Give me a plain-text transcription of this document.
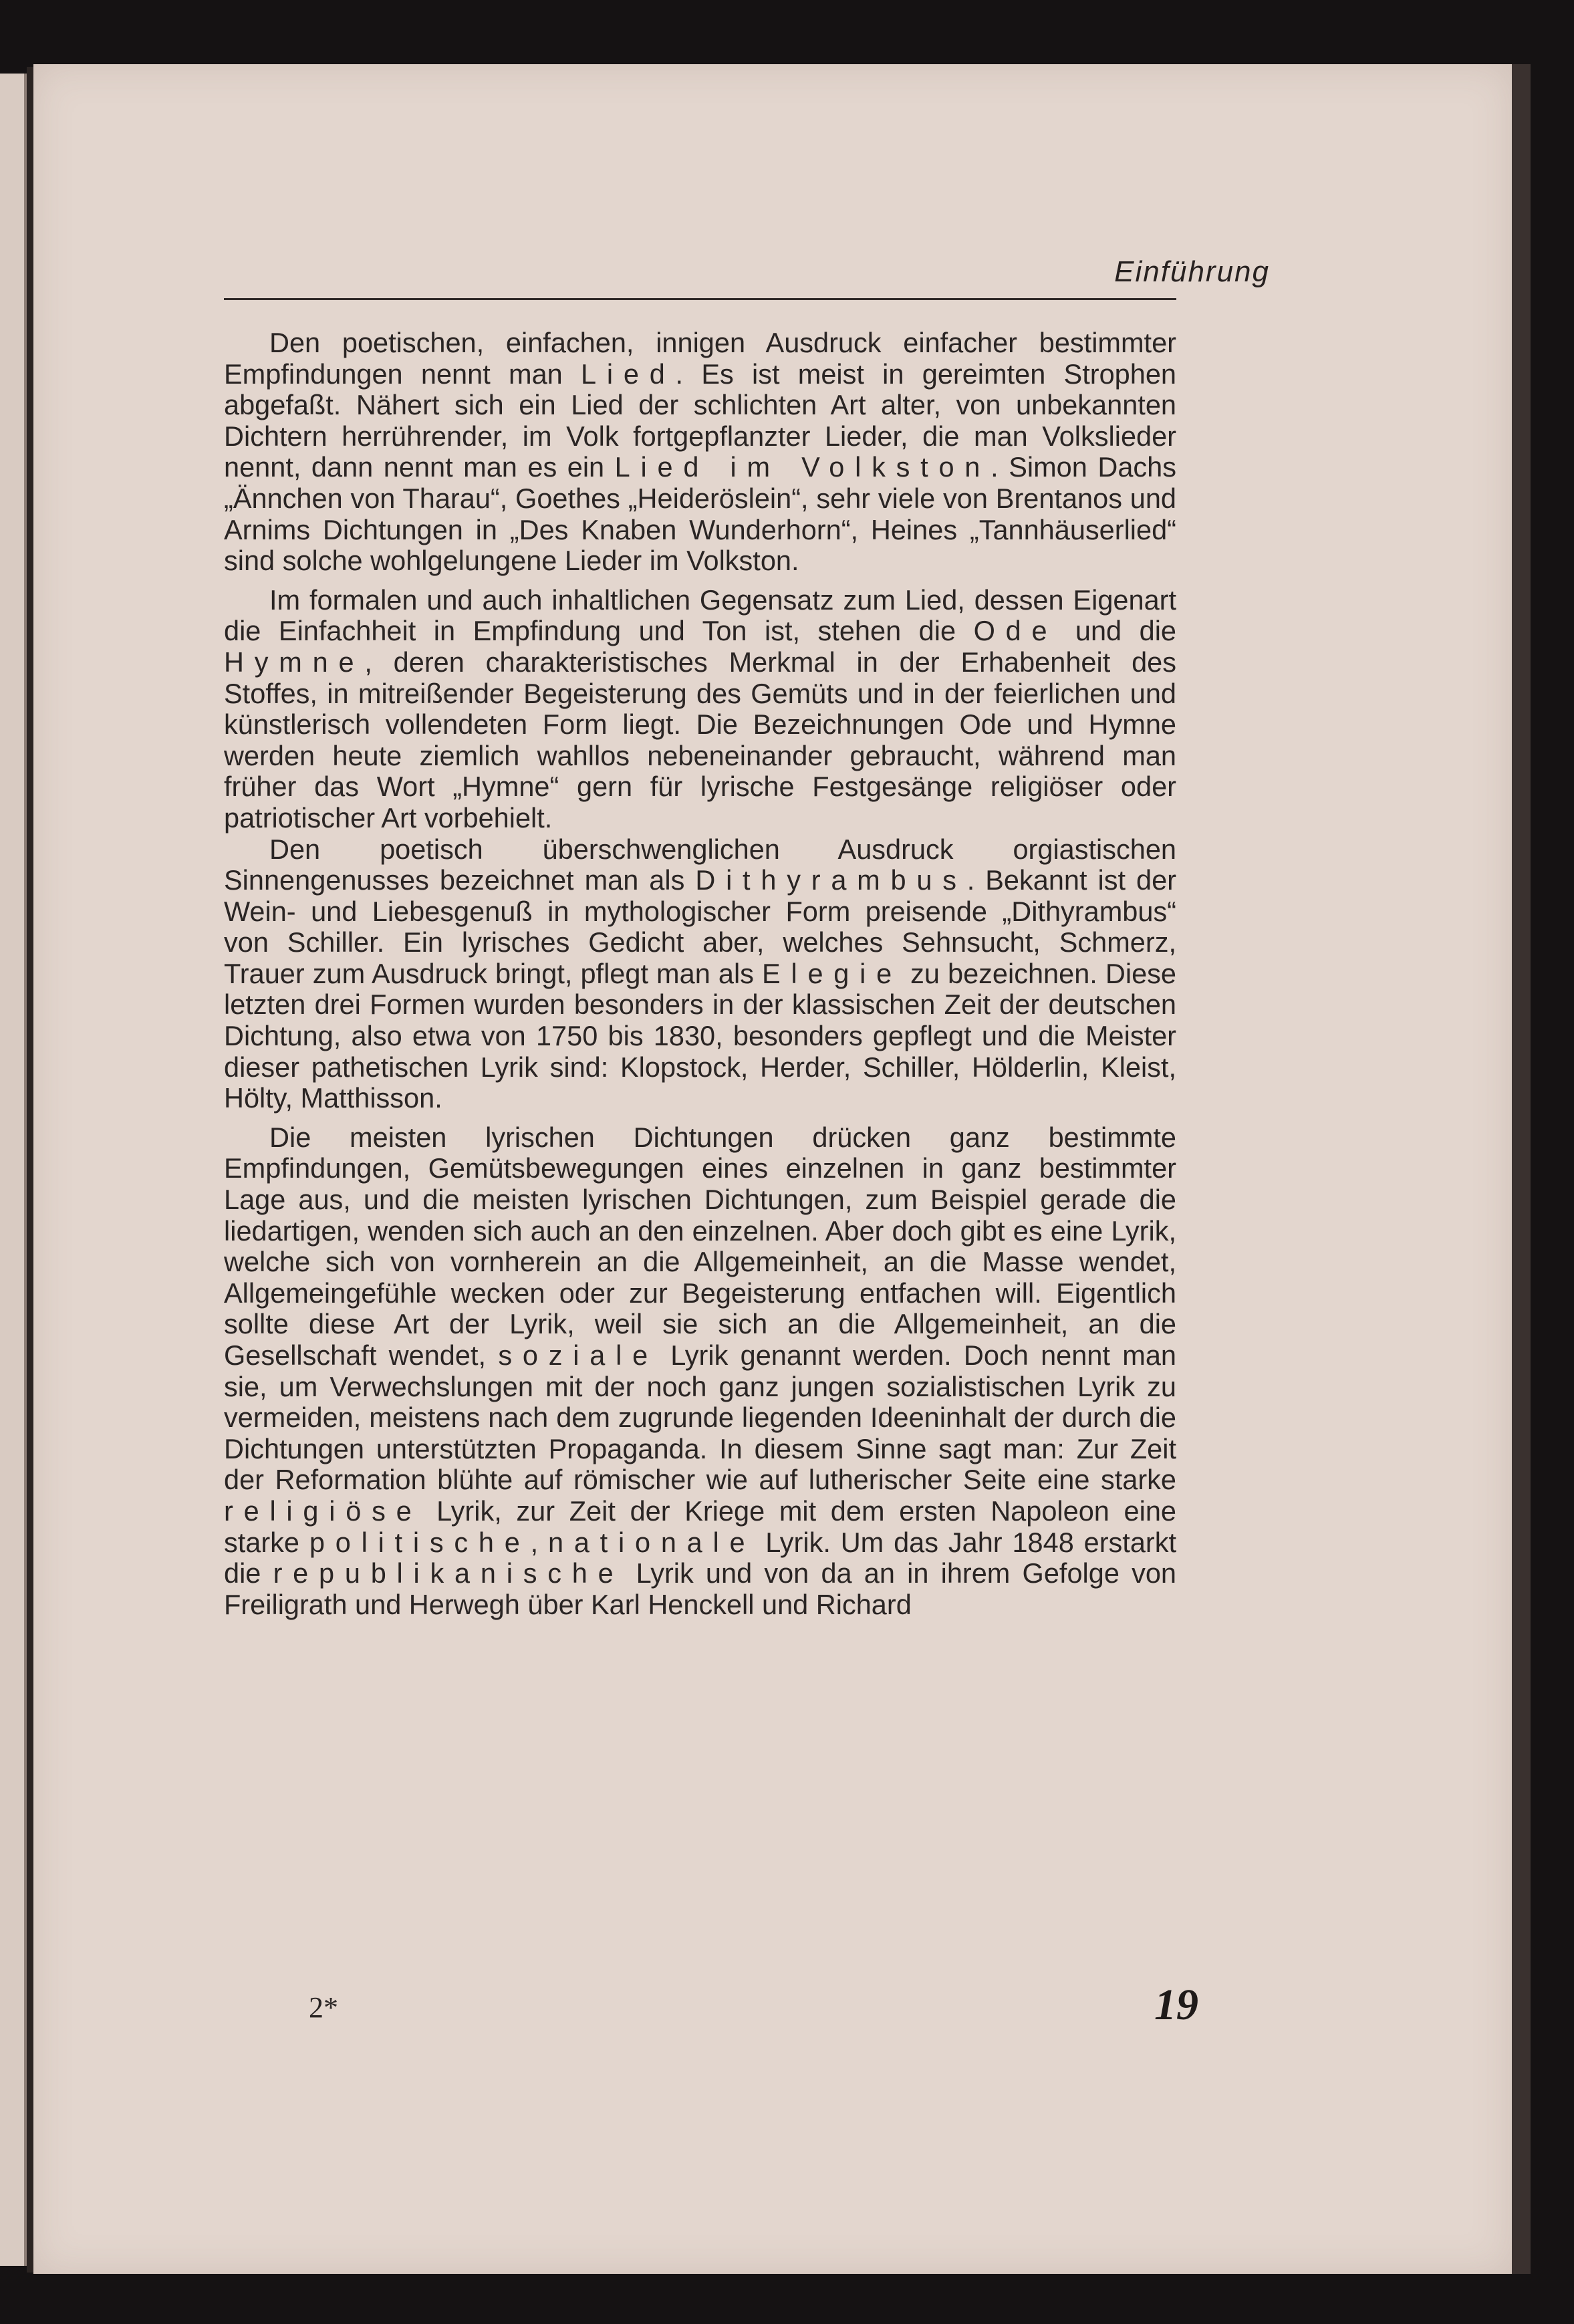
Einführung

Den poetischen, einfachen, innigen Ausdruck einfacher bestimmter Empfindungen nennt man Lied. Es ist meist in gereimten Strophen abgefaßt. Nähert sich ein Lied der schlichten Art alter, von unbekannten Dichtern herrührender, im Volk fortgepflanzter Lieder, die man Volkslieder nennt, dann nennt man es ein Lied im Volkston. Simon Dachs „Ännchen von Tharau“, Goethes „Heideröslein“, sehr viele von Brentanos und Arnims Dichtungen in „Des Knaben Wunderhorn“, Heines „Tannhäuserlied“ sind solche wohlgelungene Lieder im Volkston.

Im formalen und auch inhaltlichen Gegensatz zum Lied, dessen Eigenart die Einfachheit in Empfindung und Ton ist, stehen die Ode und die Hymne, deren charakteristisches Merkmal in der Erhabenheit des Stoffes, in mitreißender Begeisterung des Gemüts und in der feierlichen und künstlerisch vollendeten Form liegt. Die Bezeichnungen Ode und Hymne werden heute ziemlich wahllos nebeneinander gebraucht, während man früher das Wort „Hymne“ gern für lyrische Festgesänge religiöser oder patriotischer Art vorbehielt.

Den poetisch überschwenglichen Ausdruck orgiastischen Sinnengenusses bezeichnet man als Dithyrambus. Bekannt ist der Wein- und Liebesgenuß in mythologischer Form preisende „Dithyrambus“ von Schiller. Ein lyrisches Gedicht aber, welches Sehnsucht, Schmerz, Trauer zum Ausdruck bringt, pflegt man als Elegie zu bezeichnen. Diese letzten drei Formen wurden besonders in der klassischen Zeit der deutschen Dichtung, also etwa von 1750 bis 1830, besonders gepflegt und die Meister dieser pathetischen Lyrik sind: Klopstock, Herder, Schiller, Hölderlin, Kleist, Hölty, Matthisson.

Die meisten lyrischen Dichtungen drücken ganz bestimmte Empfindungen, Gemütsbewegungen eines einzelnen in ganz bestimmter Lage aus, und die meisten lyrischen Dichtungen, zum Beispiel gerade die liedartigen, wenden sich auch an den einzelnen. Aber doch gibt es eine Lyrik, welche sich von vornherein an die Allgemeinheit, an die Masse wendet, Allgemeingefühle wecken oder zur Begeisterung entfachen will. Eigentlich sollte diese Art der Lyrik, weil sie sich an die Allgemeinheit, an die Gesellschaft wendet, soziale Lyrik genannt werden. Doch nennt man sie, um Verwechslungen mit der noch ganz jungen sozialistischen Lyrik zu vermeiden, meistens nach dem zugrunde liegenden Ideeninhalt der durch die Dichtungen unterstützten Propaganda. In diesem Sinne sagt man: Zur Zeit der Reformation blühte auf römischer wie auf lutherischer Seite eine starke religiöse Lyrik, zur Zeit der Kriege mit dem ersten Napoleon eine starke politische, nationale Lyrik. Um das Jahr 1848 erstarkt die republikanische Lyrik und von da an in ihrem Gefolge von Freiligrath und Herwegh über Karl Henckell und Richard

2*	19
